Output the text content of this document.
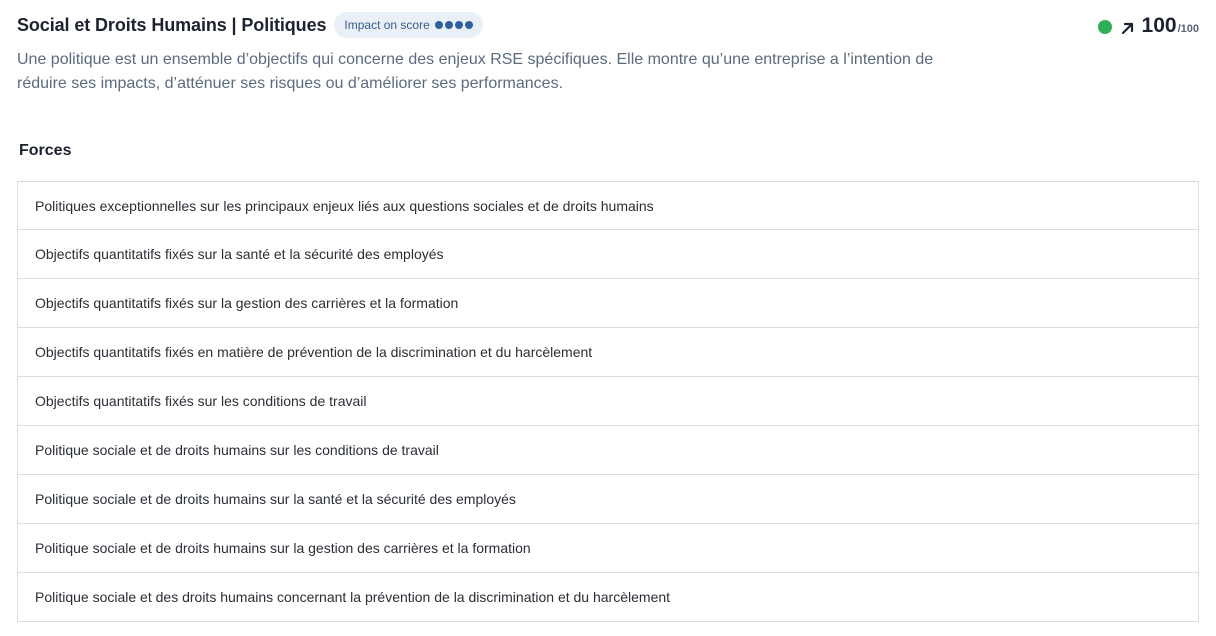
Social et Droits Humains | Politiques Impact on score	100 /100

Une politique est un ensemble d’objectifs qui concerne des enjeux RSE spécifiques. Elle montre qu’une entreprise a l’intention de réduire ses impacts, d’atténuer ses risques ou d’améliorer ses performances.

Forces
Politiques exceptionnelles sur les principaux enjeux liés aux questions sociales et de droits humains
Objectifs quantitatifs fixés sur la santé et la sécurité des employés
Objectifs quantitatifs fixés sur la gestion des carrières et la formation
Objectifs quantitatifs fixés en matière de prévention de la discrimination et du harcèlement
Objectifs quantitatifs fixés sur les conditions de travail
Politique sociale et de droits humains sur les conditions de travail
Politique sociale et de droits humains sur la santé et la sécurité des employés
Politique sociale et de droits humains sur la gestion des carrières et la formation
Politique sociale et des droits humains concernant la prévention de la discrimination et du harcèlement
